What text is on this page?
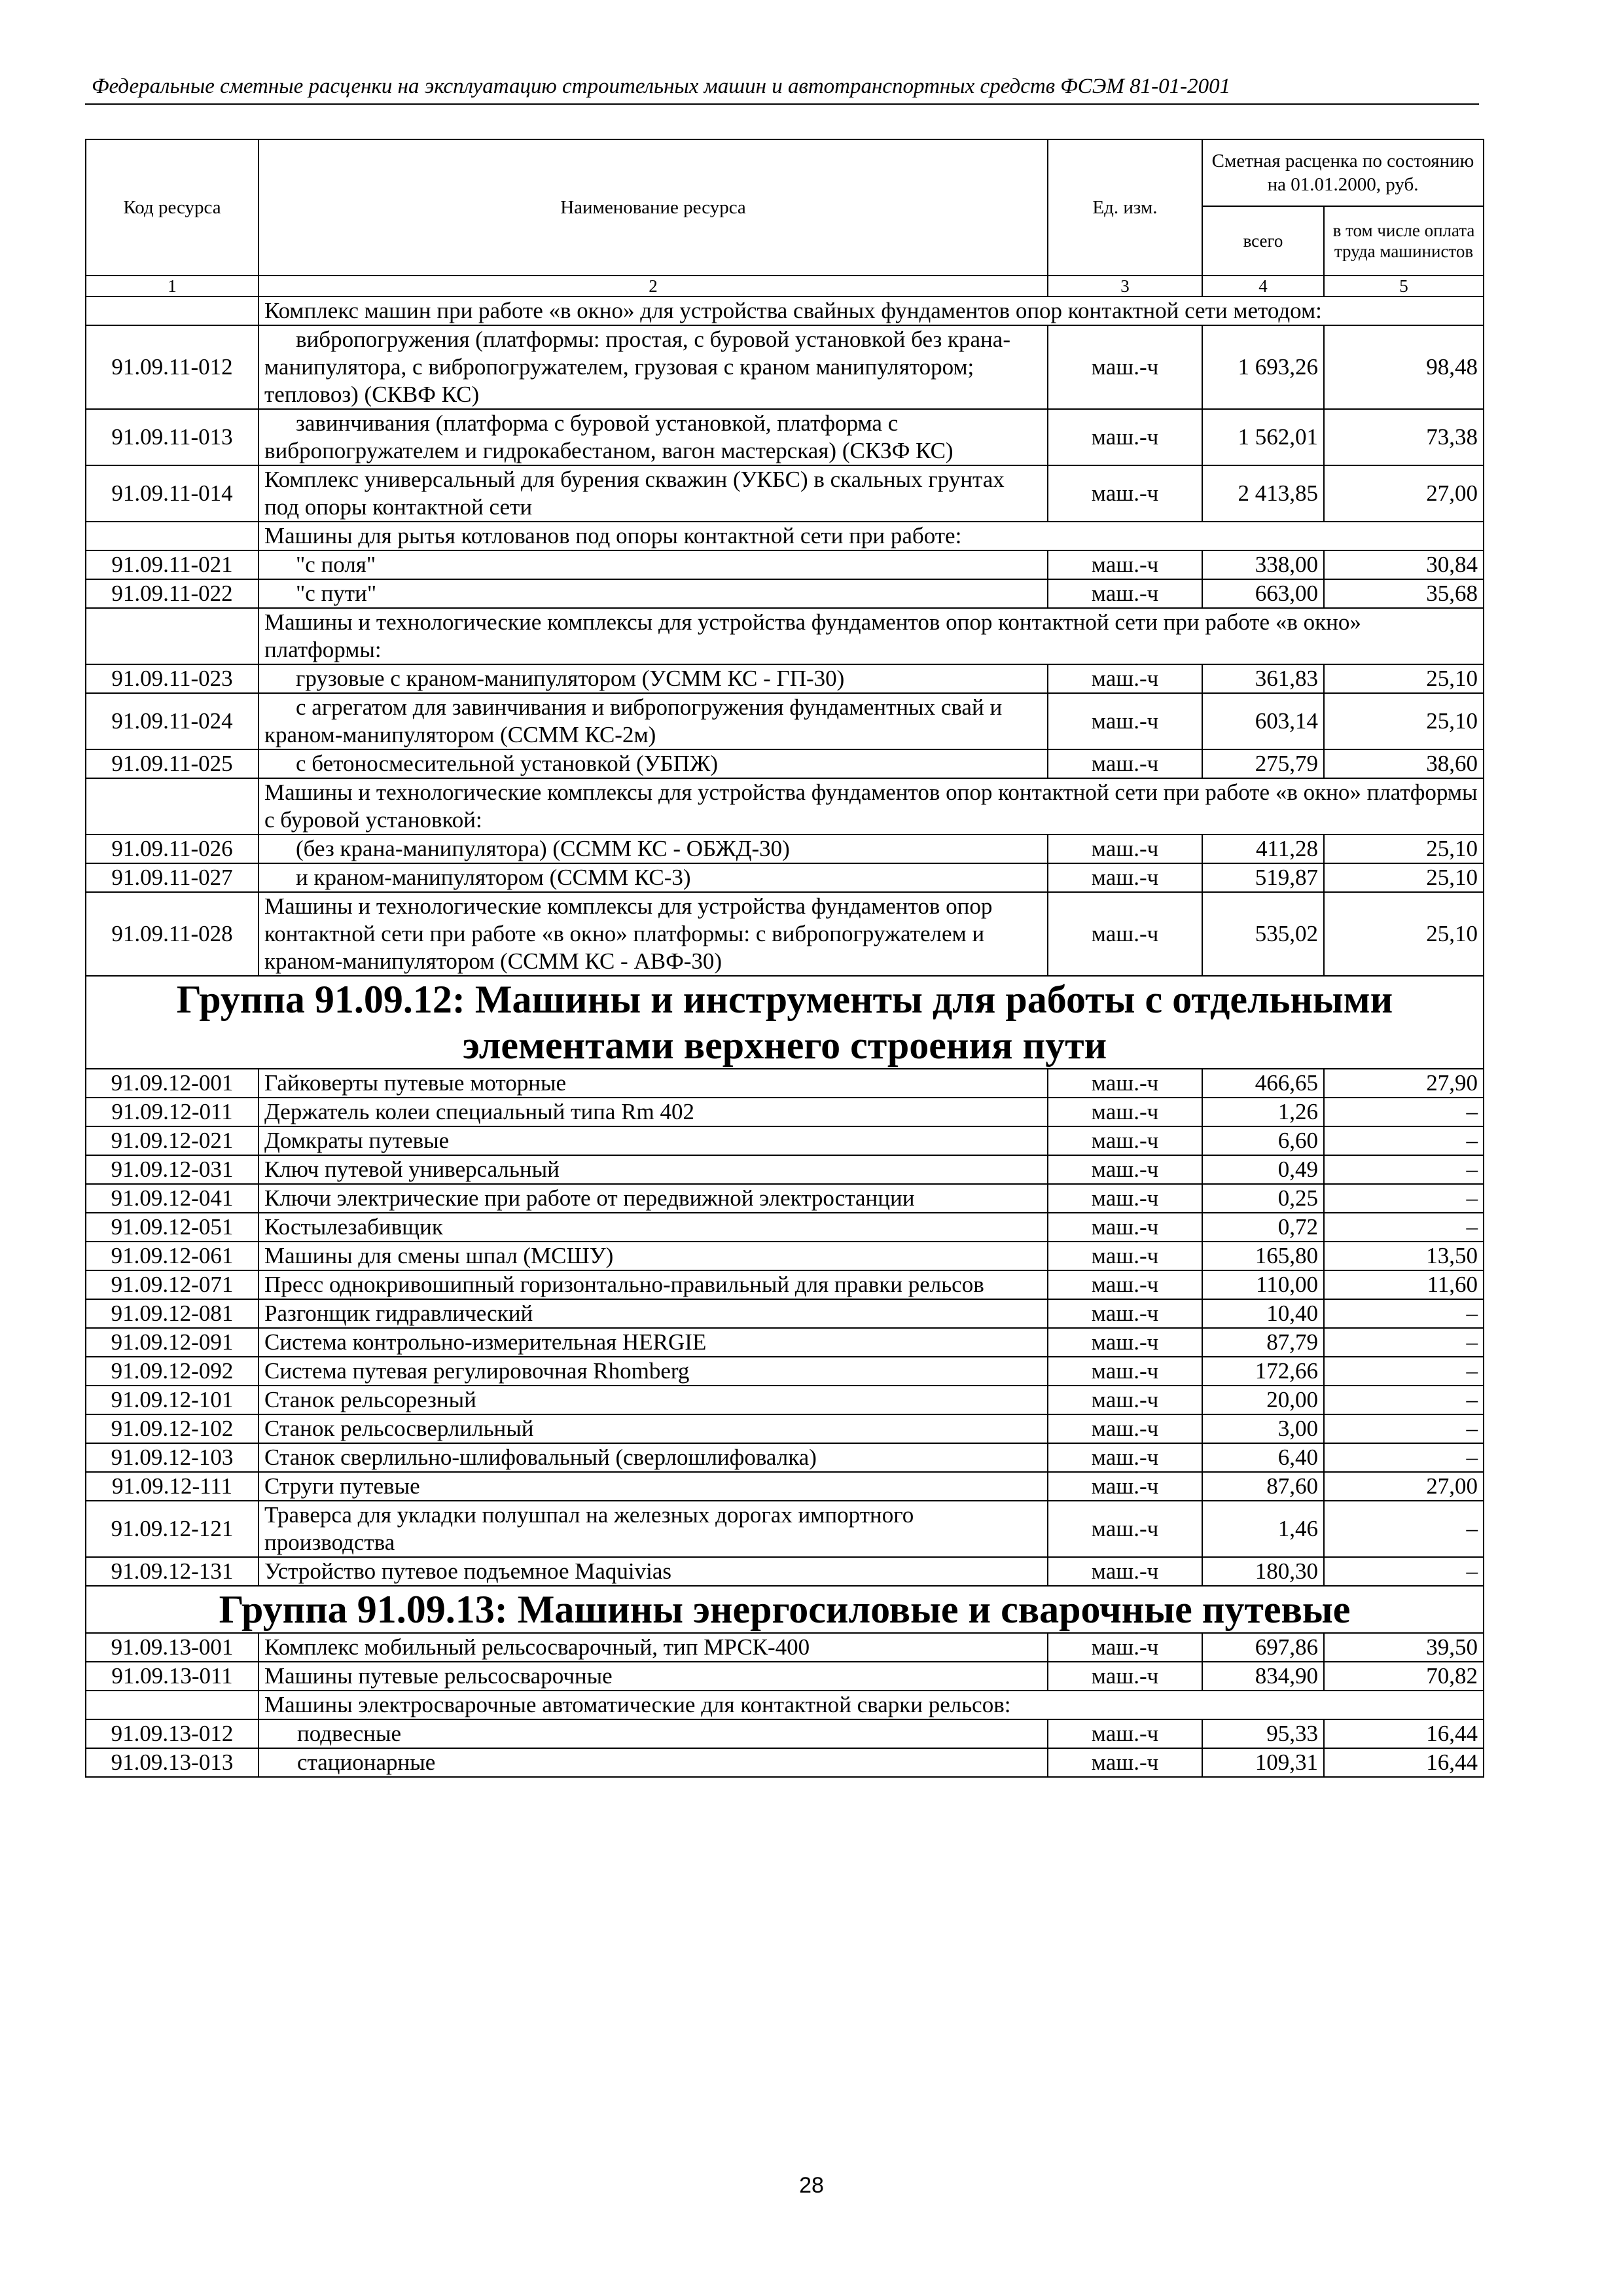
Федеральные сметные расценки на эксплуатацию строительных машин и автотранспортных средств ФСЭМ 81-01-2001
Код ресурса	Наименование ресурса	Ед. изм.	Сметная расценка по состоянию на 01.01.2000, руб.	
			всего	в том числе оплата труда машинистов
1	2	3	4	5
	Комплекс машин при работе «в окно» для устройства свайных фундаментов опор контактной сети методом:			
91.09.11-012	вибропогружения (платформы: простая, с буровой установкой без крана- манипулятора, с вибропогружателем, грузовая с краном манипулятором; тепловоз) (СКВФ КС)	маш.-ч	1 693,26	98,48
91.09.11-013	завинчивания (платформа с буровой установкой, платформа с вибропогружателем и гидрокабестаном, вагон мастерская) (СКЗФ КС)	маш.-ч	1 562,01	73,38
91.09.11-014	Комплекс универсальный для бурения скважин (УКБС) в скальных грунтах под опоры контактной сети	маш.-ч	2 413,85	27,00
	Машины для рытья котлованов под опоры контактной сети при работе:			
91.09.11-021	"с поля"	маш.-ч	338,00	30,84
91.09.11-022	"с пути"	маш.-ч	663,00	35,68
	Машины и технологические комплексы для устройства фундаментов опор контактной сети при работе «в окно» платформы:			
91.09.11-023	грузовые с краном-манипулятором (УСММ КС - ГП-30)	маш.-ч	361,83	25,10
91.09.11-024	с агрегатом для завинчивания и вибропогружения фундаментных свай и краном-манипулятором (ССММ КС-2м)	маш.-ч	603,14	25,10
91.09.11-025	с бетоносмесительной установкой (УБПЖ)	маш.-ч	275,79	38,60
	Машины и технологические комплексы для устройства фундаментов опор контактной сети при работе «в окно» платформы с буровой установкой:			
91.09.11-026	(без крана-манипулятора) (ССММ КС - ОБЖД-30)	маш.-ч	411,28	25,10
91.09.11-027	и краном-манипулятором (ССММ КС-3)	маш.-ч	519,87	25,10
91.09.11-028	Машины и технологические комплексы для устройства фундаментов опор контактной сети при работе «в окно» платформы: с вибропогружателем и краном-манипулятором (ССММ КС - АВФ-30)	маш.-ч	535,02	25,10
Группа 91.09.12: Машины и инструменты для работы с отдельными элементами верхнего строения пути				
91.09.12-001	Гайковерты путевые моторные	маш.-ч	466,65	27,90
91.09.12-011	Держатель колеи специальный типа Rm 402	маш.-ч	1,26	–
91.09.12-021	Домкраты путевые	маш.-ч	6,60	–
91.09.12-031	Ключ путевой универсальный	маш.-ч	0,49	–
91.09.12-041	Ключи электрические при работе от передвижной электростанции	маш.-ч	0,25	–
91.09.12-051	Костылезабивщик	маш.-ч	0,72	–
91.09.12-061	Машины для смены шпал (МСШУ)	маш.-ч	165,80	13,50
91.09.12-071	Пресс однокривошипный горизонтально-правильный для правки рельсов	маш.-ч	110,00	11,60
91.09.12-081	Разгонщик гидравлический	маш.-ч	10,40	–
91.09.12-091	Система контрольно-измерительная HERGIE	маш.-ч	87,79	–
91.09.12-092	Система путевая регулировочная Rhomberg	маш.-ч	172,66	–
91.09.12-101	Станок рельсорезный	маш.-ч	20,00	–
91.09.12-102	Станок рельсосверлильный	маш.-ч	3,00	–
91.09.12-103	Станок сверлильно-шлифовальный (сверлошлифовалка)	маш.-ч	6,40	–
91.09.12-111	Струги путевые	маш.-ч	87,60	27,00
91.09.12-121	Траверса для укладки полушпал на железных дорогах импортного производства	маш.-ч	1,46	–
91.09.12-131	Устройство путевое подъемное Maquivias	маш.-ч	180,30	–
Группа 91.09.13: Машины энергосиловые и сварочные путевые				
91.09.13-001	Комплекс мобильный рельсосварочный, тип МРСК-400	маш.-ч	697,86	39,50
91.09.13-011	Машины путевые рельсосварочные	маш.-ч	834,90	70,82
	Машины электросварочные автоматические для контактной сварки рельсов:			
91.09.13-012	подвесные	маш.-ч	95,33	16,44
91.09.13-013	стационарные	маш.-ч	109,31	16,44
28
